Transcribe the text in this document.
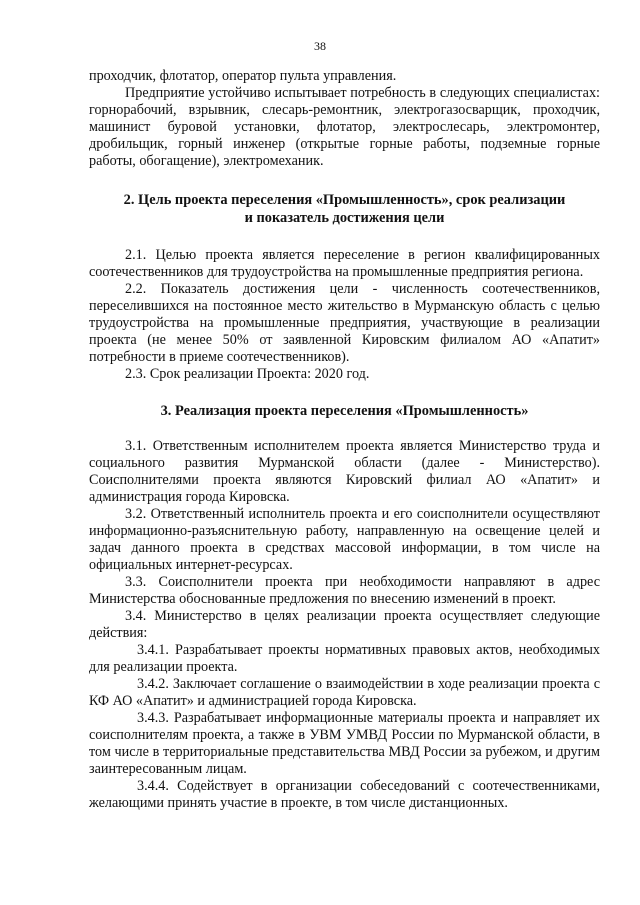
38

проходчик, флотатор, оператор пульта управления.

Предприятие устойчиво испытывает потребность в следующих специалистах: горнорабочий, взрывник, слесарь-ремонтник, электрогазосварщик, проходчик, машинист буровой установки, флотатор, электрослесарь, электромонтер, дробильщик, горный инженер (открытые горные работы, подземные горные работы, обогащение), электромеханик.

2. Цель проекта переселения «Промышленность», срок реализации
и показатель достижения цели

2.1. Целью проекта является переселение в регион квалифицированных соотечественников для трудоустройства на промышленные предприятия региона.

2.2. Показатель достижения цели - численность соотечественников, переселившихся на постоянное место жительство в Мурманскую область с целью трудоустройства на промышленные предприятия, участвующие в реализации проекта (не менее 50% от заявленной Кировским филиалом АО «Апатит» потребности в приеме соотечественников).

2.3. Срок реализации Проекта: 2020 год.

3. Реализация проекта переселения «Промышленность»

3.1. Ответственным исполнителем проекта является Министерство труда и социального развития Мурманской области (далее - Министерство). Соисполнителями проекта являются Кировский филиал АО «Апатит» и администрация города Кировска.

3.2. Ответственный исполнитель проекта и его соисполнители осуществляют информационно-разъяснительную работу, направленную на освещение целей и задач данного проекта в средствах массовой информации, в том числе на официальных интернет-ресурсах.

3.3. Соисполнители проекта при необходимости направляют в адрес Министерства обоснованные предложения по внесению изменений в проект.

3.4. Министерство в целях реализации проекта осуществляет следующие действия:

3.4.1. Разрабатывает проекты нормативных правовых актов, необходимых для реализации проекта.

3.4.2. Заключает соглашение о взаимодействии в ходе реализации проекта с КФ АО «Апатит» и администрацией города Кировска.

3.4.3. Разрабатывает информационные материалы проекта и направляет их соисполнителям проекта, а также в УВМ УМВД России по Мурманской области, в том числе в территориальные представительства МВД России за рубежом, и другим заинтересованным лицам.

3.4.4. Содействует в организации собеседований с соотечественниками, желающими принять участие в проекте, в том числе дистанционных.
